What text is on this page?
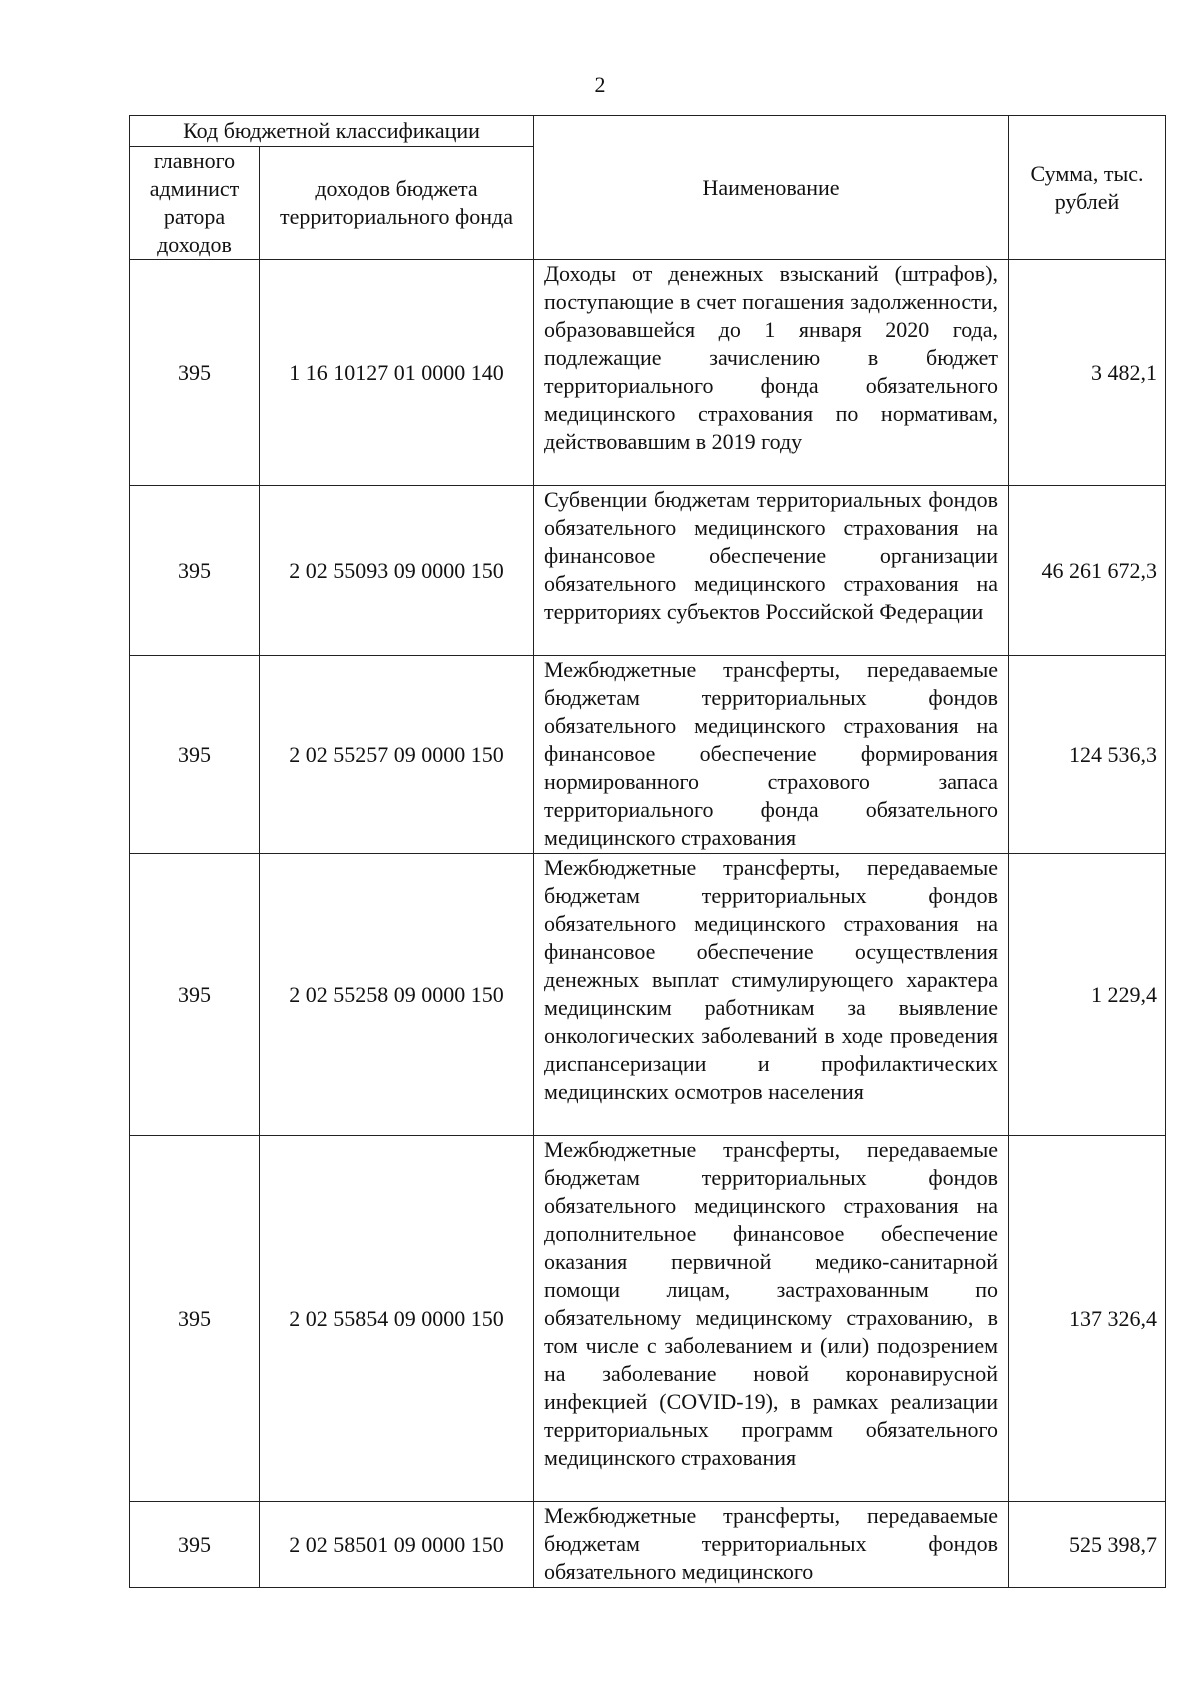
2
Код бюджетной классификации		Наименование	Сумма, тыс. рублей
главного админист ратора доходов	доходов бюджета территориального фонда		
395	1 16 10127 01 0000 140	Доходы от денежных взысканий (штрафов), поступающие в счет погашения задолженности, образовавшейся до 1 января 2020 года, подлежащие зачислению в бюджет территориального фонда обязательного медицинского страхования по нормативам, действовавшим в 2019 году	3 482,1
395	2 02 55093 09 0000 150	Субвенции бюджетам территориальных фондов обязательного медицинского страхования на финансовое обеспечение организации обязательного медицинского страхования на территориях субъектов Российской Федерации	46 261 672,3
395	2 02 55257 09 0000 150	Межбюджетные трансферты, передаваемые бюджетам территориальных фондов обязательного медицинского страхования на финансовое обеспечение формирования нормированного страхового запаса территориального фонда обязательного медицинского страхования	124 536,3
395	2 02 55258 09 0000 150	Межбюджетные трансферты, передаваемые бюджетам территориальных фондов обязательного медицинского страхования на финансовое обеспечение осуществления денежных выплат стимулирующего характера медицинским работникам за выявление онкологических заболеваний в ходе проведения диспансеризации и профилактических медицинских осмотров населения	1 229,4
395	2 02 55854 09 0000 150	Межбюджетные трансферты, передаваемые бюджетам территориальных фондов обязательного медицинского страхования на дополнительное финансовое обеспечение оказания первичной медико-санитарной помощи лицам, застрахованным по обязательному медицинскому страхованию, в том числе с заболеванием и (или) подозрением на заболевание новой коронавирусной инфекцией (COVID-19), в рамках реализации территориальных программ обязательного медицинского страхования	137 326,4
395	2 02 58501 09 0000 150	Межбюджетные трансферты, передаваемые бюджетам территориальных фондов обязательного медицинского	525 398,7
